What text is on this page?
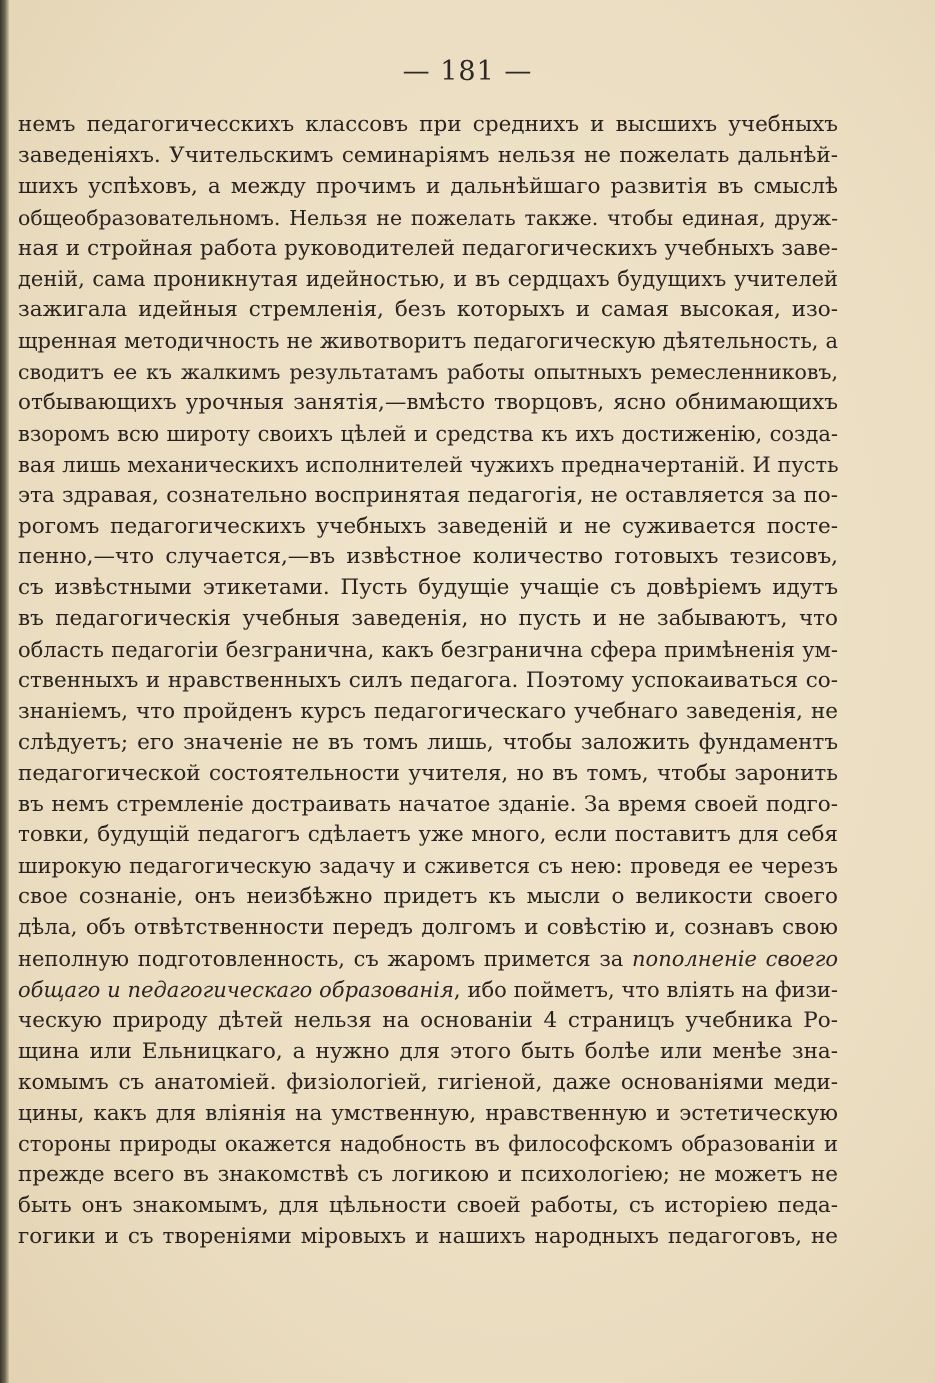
— 181 —
немъ педагогичесскихъ классовъ при среднихъ и высшихъ учебныхъ
заведеніяхъ. Учительскимъ семинаріямъ нельзя не пожелать дальнѣй-
шихъ успѣховъ, а между прочимъ и дальнѣйшаго развитія въ смыслѣ
общеобразовательномъ. Нельзя не пожелать также. чтобы единая, друж-
ная и стройная работа руководителей педагогическихъ учебныхъ заве-
деній, сама проникнутая идейностью, и въ сердцахъ будущихъ учителей
зажигала идейныя стремленія, безъ которыхъ и самая высокая, изо-
щренная методичность не животворитъ педагогическую дѣятельность, а
сводитъ ее къ жалкимъ результатамъ работы опытныхъ ремесленниковъ,
отбывающихъ урочныя занятія,—вмѣсто творцовъ, ясно обнимающихъ
взоромъ всю широту своихъ цѣлей и средства къ ихъ достиженію, созда-
вая лишь механическихъ исполнителей чужихъ предначертаній. И пусть
эта здравая, сознательно воспринятая педагогія, не оставляется за по-
рогомъ педагогическихъ учебныхъ заведеній и не суживается посте-
пенно,—что случается,—въ извѣстное количество готовыхъ тезисовъ,
съ извѣстными этикетами. Пусть будущіе учащіе съ довѣріемъ идутъ
въ педагогическія учебныя заведенія, но пусть и не забываютъ, что
область педагогіи безгранична, какъ безгранична сфера примѣненія ум-
ственныхъ и нравственныхъ силъ педагога. Поэтому успокаиваться со-
знаніемъ, что пройденъ курсъ педагогическаго учебнаго заведенія, не
слѣдуетъ; его значеніе не въ томъ лишь, чтобы заложить фундаментъ
педагогической состоятельности учителя, но въ томъ, чтобы заронить
въ немъ стремленіе достраивать начатое зданіе. За время своей подго-
товки, будущій педагогъ сдѣлаетъ уже много, если поставитъ для себя
широкую педагогическую задачу и сживется съ нею: проведя ее черезъ
свое сознаніе, онъ неизбѣжно придетъ къ мысли о великости своего
дѣла, объ отвѣтственности передъ долгомъ и совѣстію и, сознавъ свою
неполную подготовленность, съ жаромъ примется за пополненіе своего
общаго и педагогическаго образованія, ибо пойметъ, что вліять на физи-
ческую природу дѣтей нельзя на основаніи 4 страницъ учебника Ро-
щина или Ельницкаго, а нужно для этого быть болѣе или менѣе зна-
комымъ съ анатоміей. физіологіей, гигіеной, даже основаніями меди-
цины, какъ для вліянія на умственную, нравственную и эстетическую
стороны природы окажется надобность въ философскомъ образованіи и
прежде всего въ знакомствѣ съ логикою и психологіею; не можетъ не
быть онъ знакомымъ, для цѣльности своей работы, съ исторіею педа-
гогики и съ твореніями міровыхъ и нашихъ народныхъ педагоговъ, не
